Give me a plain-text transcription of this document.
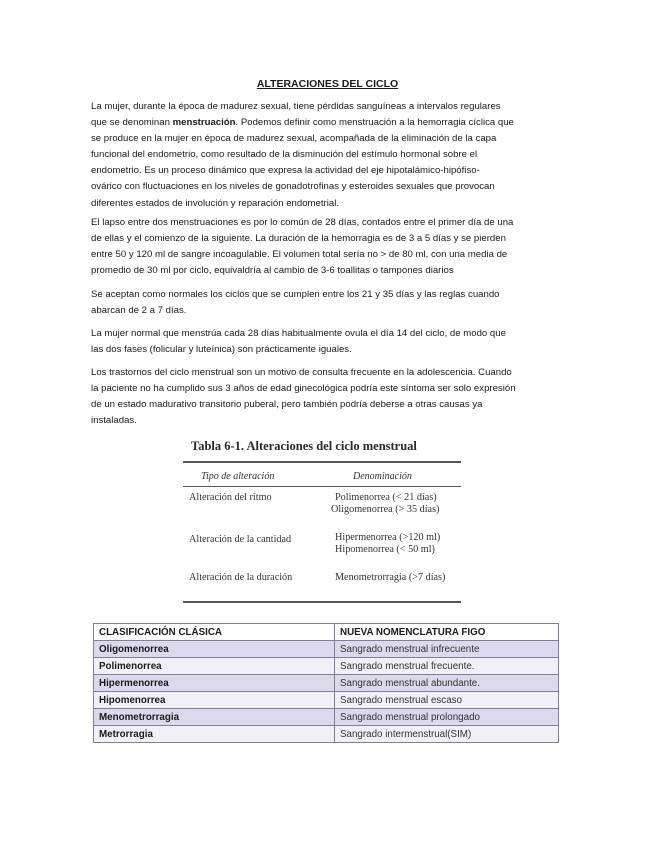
ALTERACIONES DEL CICLO

La mujer, durante la época de madurez sexual, tiene pérdidas sanguíneas a intervalos regulares
que se denominan menstruación. Podemos definir como menstruación a la hemorragia cíclica que
se produce en la mujer en época de madurez sexual, acompañada de la eliminación de la capa
funcional del endometrio, como resultado de la disminución del estímulo hormonal sobre el
endometrio. Es un proceso dinámico que expresa la actividad del eje hipotalámico-hipófiso-
ovárico con fluctuaciones en los niveles de gonadotrofinas y esteroides sexuales que provocan
diferentes estados de involución y reparación endometrial.

El lapso entre dos menstruaciones es por lo común de 28 días, contados entre el primer día de una
de ellas y el comienzo de la siguiente. La duración de la hemorragia es de 3 a 5 días y se pierden
entre 50 y 120 ml de sangre incoagulable. El volumen total sería no > de 80 ml, con una media de
promedio de 30 ml por ciclo, equivaldría al cambio de 3-6 toallitas o tampones diarios

Se aceptan como normales los ciclos que se cumplen entre los 21 y 35 días y las reglas cuando
abarcan de 2 a 7 días.

La mujer normal que menstrúa cada 28 días habitualmente ovula el día 14 del ciclo, de modo que
las dos fases (folicular y luteínica) son prácticamente iguales.

Los trastornos del ciclo menstrual son un motivo de consulta frecuente en la adolescencia. Cuando
la paciente no ha cumplido sus 3 años de edad ginecológica podría este síntoma ser solo expresión
de un estado madurativo transitorio puberal, pero también podría deberse a otras causas ya
instaladas.

Tabla 6-1. Alteraciones del ciclo menstrual
Tipo de alteración	Denominación
Alteración del ritmo	Polimenorrea (< 21 días)
Oligomenorrea (> 35 días)
Alteración de la cantidad	Hipermenorrea (>120 ml)
Hipomenorrea (< 50 ml)
Alteración de la duración	Menometrorragia (>7 días)
CLASIFICACIÓN CLÁSICA	NUEVA NOMENCLATURA FIGO
Oligomenorrea	Sangrado menstrual infrecuente
Polimenorrea	Sangrado menstrual frecuente.
Hipermenorrea	Sangrado menstrual abundante.
Hipomenorrea	Sangrado menstrual escaso
Menometrorragia	Sangrado menstrual prolongado
Metrorragia	Sangrado intermenstrual(SIM)
